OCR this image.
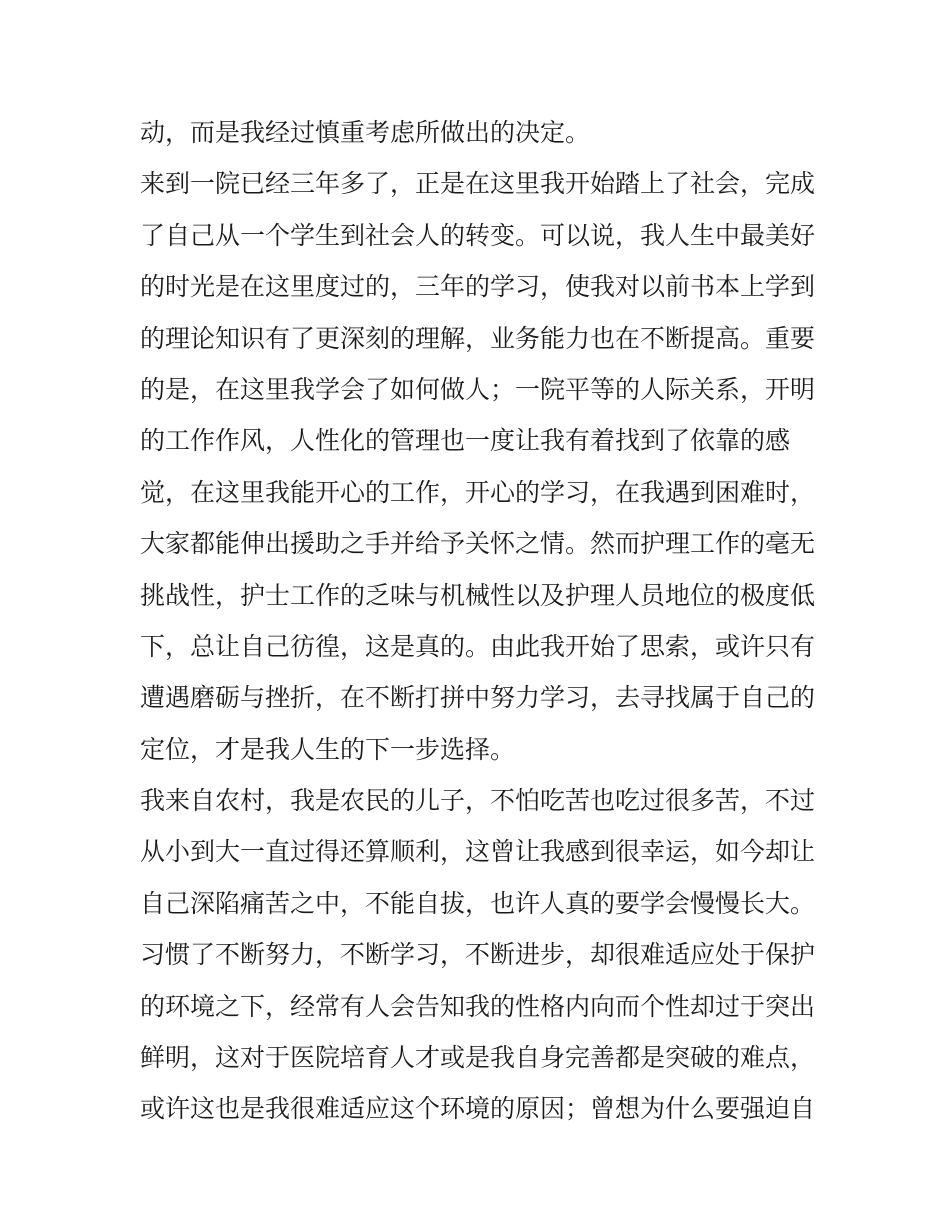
动，而是我经过慎重考虑所做出的决定。
来到一院已经三年多了，正是在这里我开始踏上了社会，完成
了自己从一个学生到社会人的转变。可以说，我人生中最美好
的时光是在这里度过的，三年的学习，使我对以前书本上学到
的理论知识有了更深刻的理解，业务能力也在不断提高。重要
的是，在这里我学会了如何做人；一院平等的人际关系，开明
的工作作风，人性化的管理也一度让我有着找到了依靠的感
觉，在这里我能开心的工作，开心的学习，在我遇到困难时，
大家都能伸出援助之手并给予关怀之情。然而护理工作的毫无
挑战性，护士工作的乏味与机械性以及护理人员地位的极度低
下，总让自己彷徨，这是真的。由此我开始了思索，或许只有
遭遇磨砺与挫折，在不断打拼中努力学习，去寻找属于自己的
定位，才是我人生的下一步选择。
我来自农村，我是农民的儿子，不怕吃苦也吃过很多苦，不过
从小到大一直过得还算顺利，这曾让我感到很幸运，如今却让
自己深陷痛苦之中，不能自拔，也许人真的要学会慢慢长大。
习惯了不断努力，不断学习，不断进步，却很难适应处于保护
的环境之下，经常有人会告知我的性格内向而个性却过于突出
鲜明，这对于医院培育人才或是我自身完善都是突破的难点，
或许这也是我很难适应这个环境的原因；曾想为什么要强迫自
